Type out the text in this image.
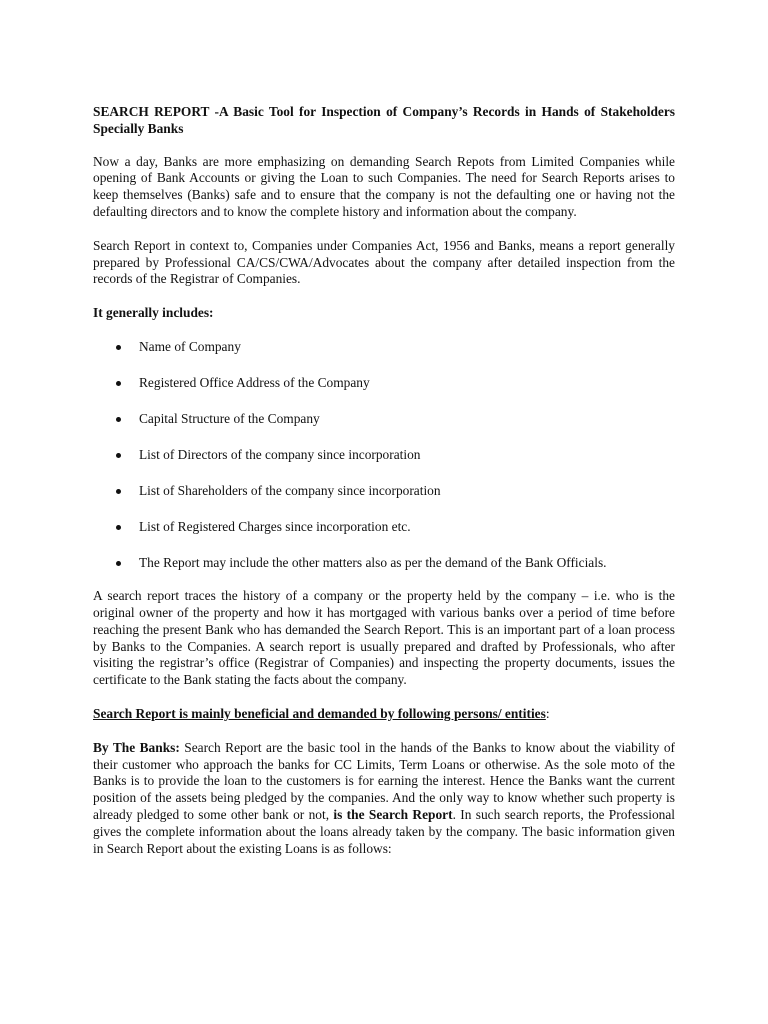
SEARCH REPORT -A Basic Tool for Inspection of Company’s Records in Hands of Stakeholders Specially Banks

Now a day, Banks are more emphasizing on demanding Search Repots from Limited Companies while opening of Bank Accounts or giving the Loan to such Companies. The need for Search Reports arises to keep themselves (Banks) safe and to ensure that the company is not the defaulting one or having not the defaulting directors and to know the complete history and information about the company.

Search Report in context to, Companies under Companies Act, 1956 and Banks, means a report generally prepared by Professional CA/CS/CWA/Advocates about the company after detailed inspection from the records of the Registrar of Companies.

It generally includes:

Name of Company
Registered Office Address of the Company
Capital Structure of the Company
List of Directors of the company since incorporation
List of Shareholders of the company since incorporation
List of Registered Charges since incorporation etc.
The Report may include the other matters also as per the demand of the Bank Officials.

A search report traces the history of a company or the property held by the company – i.e. who is the original owner of the property and how it has mortgaged with various banks over a period of time before reaching the present Bank who has demanded the Search Report. This is an important part of a loan process by Banks to the Companies. A search report is usually prepared and drafted by Professionals, who after visiting the registrar’s office (Registrar of Companies) and inspecting the property documents, issues the certificate to the Bank stating the facts about the company.

Search Report is mainly beneficial and demanded by following persons/ entities:

By The Banks: Search Report are the basic tool in the hands of the Banks to know about the viability of their customer who approach the banks for CC Limits, Term Loans or otherwise. As the sole moto of the Banks is to provide the loan to the customers is for earning the interest. Hence the Banks want the current position of the assets being pledged by the companies. And the only way to know whether such property is already pledged to some other bank or not, is the Search Report. In such search reports, the Professional gives the complete information about the loans already taken by the company. The basic information given in Search Report about the existing Loans is as follows:
